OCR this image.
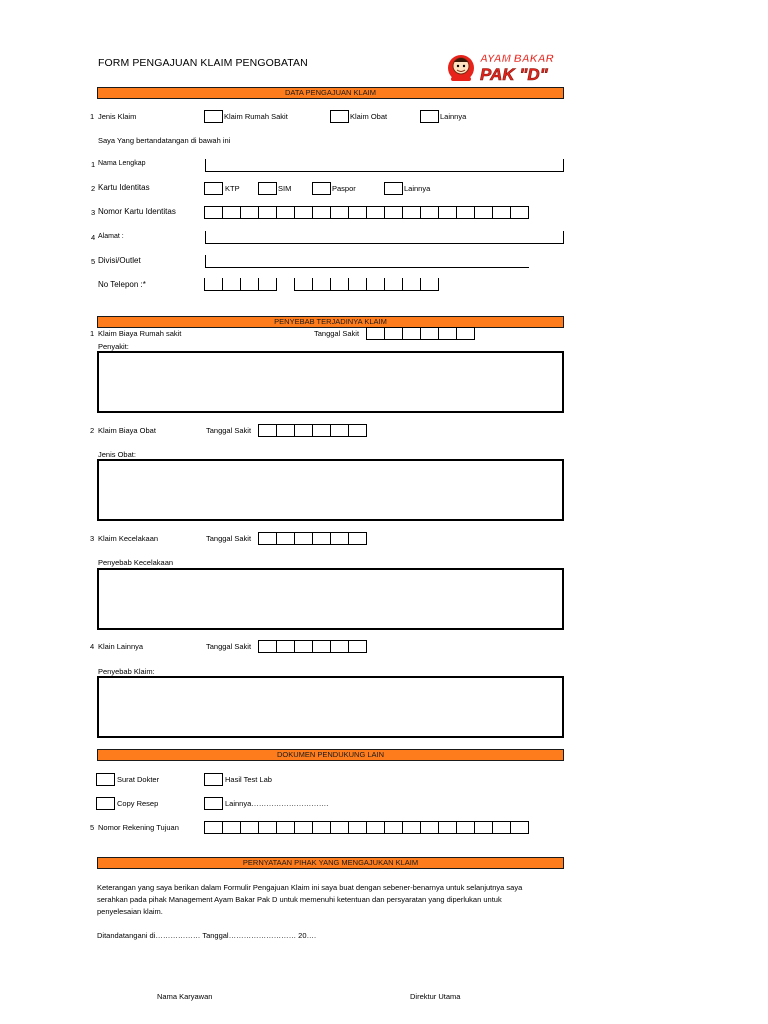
FORM PENGAJUAN KLAIM PENGOBATAN	AYAM BAKAR
PAK "D"
DATA PENGAJUAN KLAIM
1 Jenis Klaim	Klaim Rumah Sakit	Klaim Obat	Lainnya
Saya Yang bertandatangan di bawah ini
1 Nama Lengkap
2 Kartu Identitas	KTP	SIM	Paspor	Lainnya
3 Nomor Kartu Identitas
4 Alamat :
5 Divisi/Outlet
No Telepon :*
PENYEBAB TERJADINYA KLAIM
1 Klaim Biaya Rumah sakit	Tanggal Sakit
Penyakit:
2 Klaim Biaya Obat	Tanggal Sakit
Jenis Obat:
3 Klaim Kecelakaan	Tanggal Sakit
Penyebab Kecelakaan
4 Klain Lainnya	Tanggal Sakit
Penyebab Klaim:
DOKUMEN PENDUKUNG LAIN
Surat Dokter	Hasil Test Lab
Copy Resep	Lainnya………………………….
5 Nomor Rekening Tujuan
PERNYATAAN PIHAK YANG MENGAJUKAN KLAIM
Keterangan yang saya berikan dalam Formulir Pengajuan Klaim ini saya buat dengan sebener-benarnya untuk selanjutnya saya
serahkan pada pihak Management Ayam Bakar Pak D untuk memenuhi ketentuan dan persyaratan yang diperlukan untuk
penyelesaian klaim.
Ditandatangani di……………… Tanggal……………………… 20….
Nama Karyawan	Direktur Utama
